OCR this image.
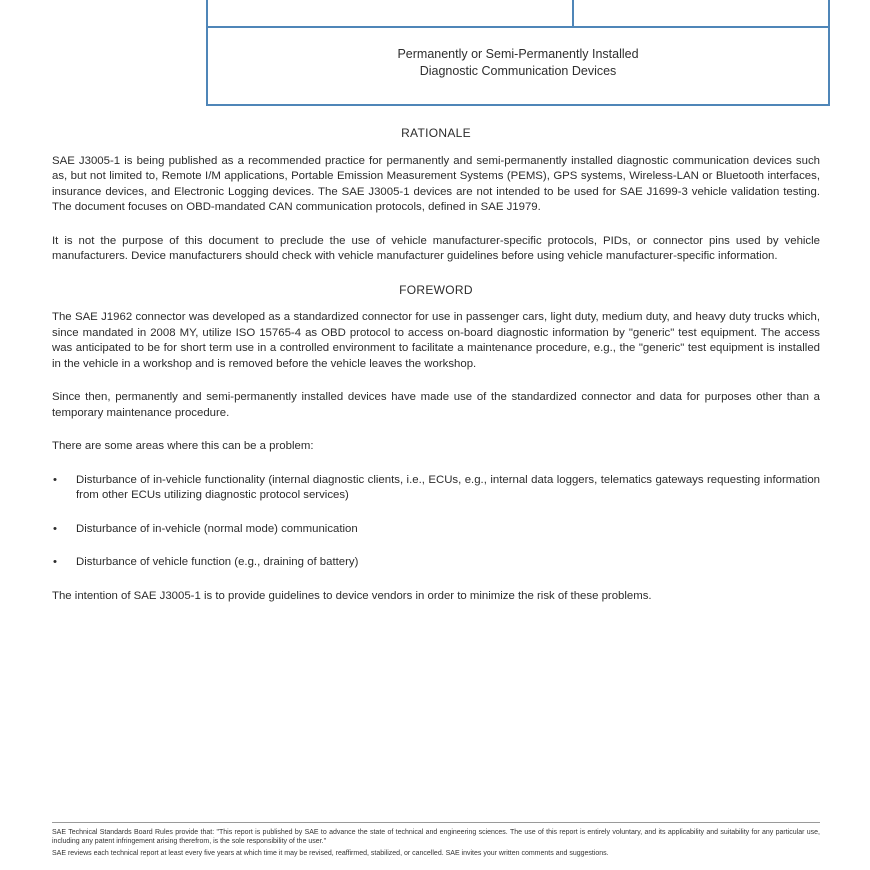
Permanently or Semi-Permanently Installed
Diagnostic Communication Devices
RATIONALE

SAE J3005-1 is being published as a recommended practice for permanently and semi-permanently installed diagnostic communication devices such as, but not limited to, Remote I/M applications, Portable Emission Measurement Systems (PEMS), GPS systems, Wireless-LAN or Bluetooth interfaces, insurance devices, and Electronic Logging devices. The SAE J3005-1 devices are not intended to be used for SAE J1699-3 vehicle validation testing. The document focuses on OBD-mandated CAN communication protocols, defined in SAE J1979.

It is not the purpose of this document to preclude the use of vehicle manufacturer-specific protocols, PIDs, or connector pins used by vehicle manufacturers. Device manufacturers should check with vehicle manufacturer guidelines before using vehicle manufacturer-specific information.

FOREWORD

The SAE J1962 connector was developed as a standardized connector for use in passenger cars, light duty, medium duty, and heavy duty trucks which, since mandated in 2008 MY, utilize ISO 15765-4 as OBD protocol to access on-board diagnostic information by "generic" test equipment. The access was anticipated to be for short term use in a controlled environment to facilitate a maintenance procedure, e.g., the "generic" test equipment is installed in the vehicle in a workshop and is removed before the vehicle leaves the workshop.

Since then, permanently and semi-permanently installed devices have made use of the standardized connector and data for purposes other than a temporary maintenance procedure.

There are some areas where this can be a problem:

• Disturbance of in-vehicle functionality (internal diagnostic clients, i.e., ECUs, e.g., internal data loggers, telematics gateways requesting information from other ECUs utilizing diagnostic protocol services)
• Disturbance of in-vehicle (normal mode) communication
• Disturbance of vehicle function (e.g., draining of battery)

The intention of SAE J3005-1 is to provide guidelines to device vendors in order to minimize the risk of these problems.

SAE Technical Standards Board Rules provide that: "This report is published by SAE to advance the state of technical and engineering sciences. The use of this report is entirely voluntary, and its applicability and suitability for any particular use, including any patent infringement arising therefrom, is the sole responsibility of the user."

SAE reviews each technical report at least every five years at which time it may be revised, reaffirmed, stabilized, or cancelled. SAE invites your written comments and suggestions.
